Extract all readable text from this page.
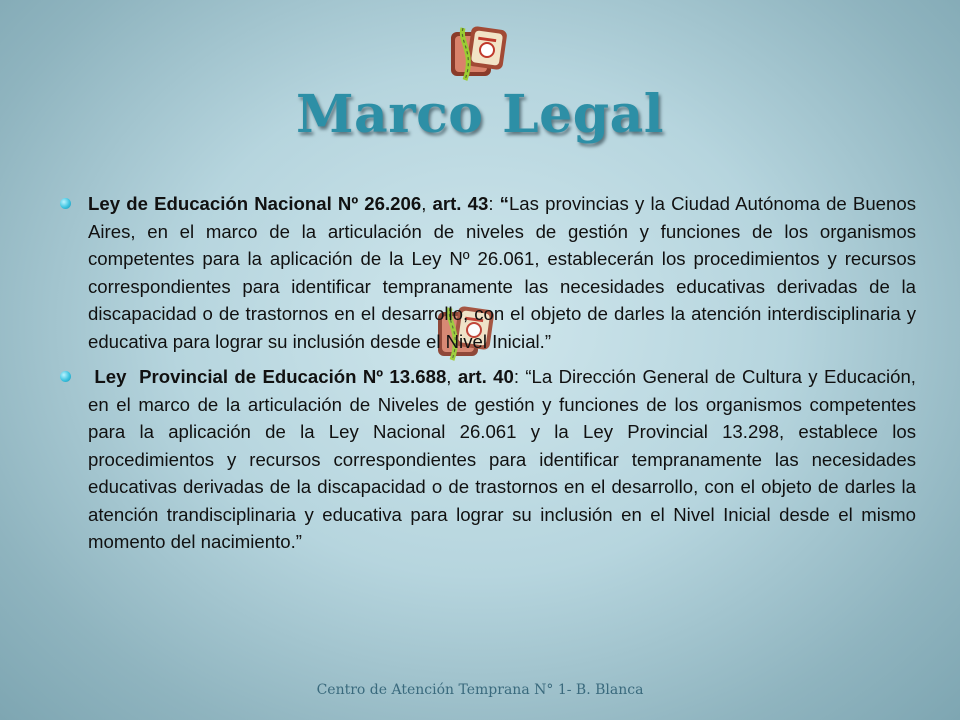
Marco Legal
Ley de Educación Nacional Nº 26.206, art. 43: “Las provincias y la Ciudad Autónoma de Buenos Aires, en el marco de la articulación de niveles de gestión y funciones de los organismos competentes para la aplicación de la Ley Nº 26.061, establecerán los procedimientos y recursos correspondientes para identificar tempranamente las necesidades educativas derivadas de la discapacidad o de trastornos en el desarrollo, con el objeto de darles la atención interdisciplinaria y educativa para lograr su inclusión desde el Nivel Inicial.”
Ley  Provincial de Educación Nº 13.688, art. 40: “La Dirección General de Cultura y Educación, en el marco de la articulación de Niveles de gestión y funciones de los organismos competentes para la aplicación de la Ley Nacional 26.061 y la Ley Provincial 13.298, establece los procedimientos y recursos correspondientes para identificar tempranamente las necesidades educativas derivadas de la discapacidad o de trastornos en el desarrollo, con el objeto de darles la atención trandisciplinaria y educativa para lograr su inclusión en el Nivel Inicial desde el mismo momento del nacimiento.”
Centro de Atención Temprana N° 1- B. Blanca
